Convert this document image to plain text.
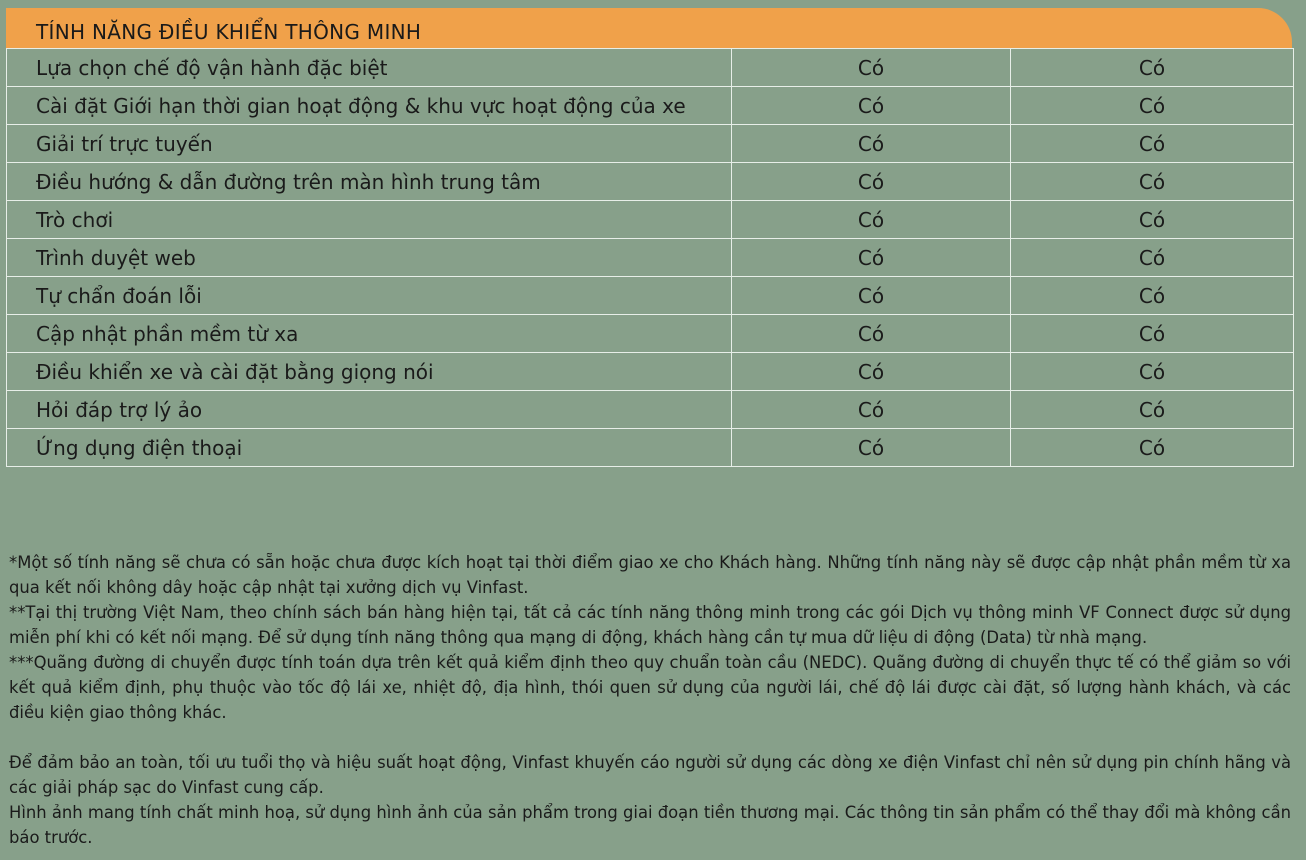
TÍNH NĂNG ĐIỀU KHIỂN THÔNG MINH
Lựa chọn chế độ vận hành đặc biệt	Có	Có
Cài đặt Giới hạn thời gian hoạt động & khu vực hoạt động của xe	Có	Có
Giải trí trực tuyến	Có	Có
Điều hướng & dẫn đường trên màn hình trung tâm	Có	Có
Trò chơi	Có	Có
Trình duyệt web	Có	Có
Tự chẩn đoán lỗi	Có	Có
Cập nhật phần mềm từ xa	Có	Có
Điều khiển xe và cài đặt bằng giọng nói	Có	Có
Hỏi đáp trợ lý ảo	Có	Có
Ứng dụng điện thoại	Có	Có

*Một số tính năng sẽ chưa có sẵn hoặc chưa được kích hoạt tại thời điểm giao xe cho Khách hàng. Những tính năng này sẽ được cập nhật phần mềm từ xa qua kết nối không dây hoặc cập nhật tại xưởng dịch vụ Vinfast.

**Tại thị trường Việt Nam, theo chính sách bán hàng hiện tại, tất cả các tính năng thông minh trong các gói Dịch vụ thông minh VF Connect được sử dụng miễn phí khi có kết nối mạng. Để sử dụng tính năng thông qua mạng di động, khách hàng cần tự mua dữ liệu di động (Data) từ nhà mạng.

***Quãng đường di chuyển được tính toán dựa trên kết quả kiểm định theo quy chuẩn toàn cầu (NEDC). Quãng đường di chuyển thực tế có thể giảm so với kết quả kiểm định, phụ thuộc vào tốc độ lái xe, nhiệt độ, địa hình, thói quen sử dụng của người lái, chế độ lái được cài đặt, số lượng hành khách, và các điều kiện giao thông khác.

Để đảm bảo an toàn, tối ưu tuổi thọ và hiệu suất hoạt động, Vinfast khuyến cáo người sử dụng các dòng xe điện Vinfast chỉ nên sử dụng pin chính hãng và các giải pháp sạc do Vinfast cung cấp.

Hình ảnh mang tính chất minh hoạ, sử dụng hình ảnh của sản phẩm trong giai đoạn tiền thương mại. Các thông tin sản phẩm có thể thay đổi mà không cần báo trước.
